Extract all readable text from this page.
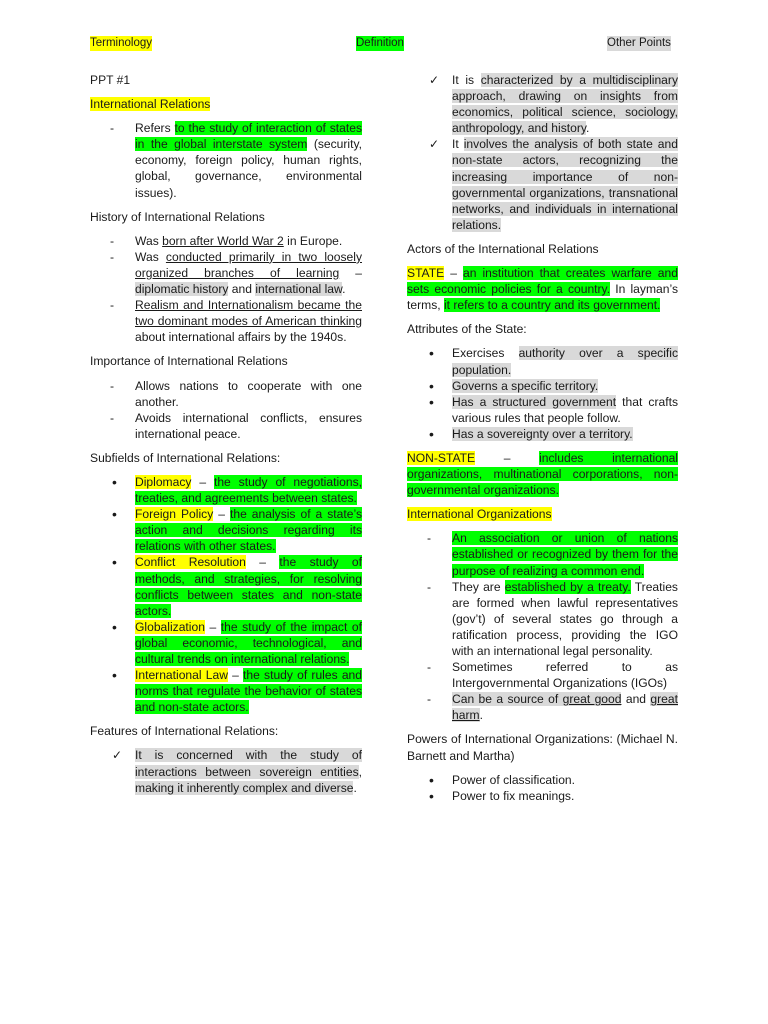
Terminology	Definition	Other Points

PPT #1

International Relations

- Refers to the study of interaction of states in the global interstate system (security, economy, foreign policy, human rights, global, governance, environmental issues).

History of International Relations

- Was born after World War 2 in Europe.
- Was conducted primarily in two loosely organized branches of learning – diplomatic history and international law.
- Realism and Internationalism became the two dominant modes of American thinking about international affairs by the 1940s.

Importance of International Relations

- Allows nations to cooperate with one another.
- Avoids international conflicts, ensures international peace.

Subfields of International Relations:

• Diplomacy – the study of negotiations, treaties, and agreements between states.
• Foreign Policy – the analysis of a state’s action and decisions regarding its relations with other states.
• Conflict Resolution – the study of methods, and strategies, for resolving conflicts between states and non-state actors.
• Globalization – the study of the impact of global economic, technological, and cultural trends on international relations.
• International Law – the study of rules and norms that regulate the behavior of states and non-state actors.

Features of International Relations:

✓ It is concerned with the study of interactions between sovereign entities, making it inherently complex and diverse.
✓ It is characterized by a multidisciplinary approach, drawing on insights from economics, political science, sociology, anthropology, and history.
✓ It involves the analysis of both state and non-state actors, recognizing the increasing importance of non-governmental organizations, transnational networks, and individuals in international relations.

Actors of the International Relations

STATE – an institution that creates warfare and sets economic policies for a country. In layman’s terms, it refers to a country and its government.

Attributes of the State:

• Exercises authority over a specific population.
• Governs a specific territory.
• Has a structured government that crafts various rules that people follow.
• Has a sovereignty over a territory.

NON-STATE – includes international organizations, multinational corporations, non-governmental organizations.

International Organizations

- An association or union of nations established or recognized by them for the purpose of realizing a common end.
- They are established by a treaty. Treaties are formed when lawful representatives (gov’t) of several states go through a ratification process, providing the IGO with an international legal personality.
- Sometimes referred to as Intergovernmental Organizations (IGOs)
- Can be a source of great good and great harm.

Powers of International Organizations: (Michael N. Barnett and Martha)

• Power of classification.
• Power to fix meanings.
